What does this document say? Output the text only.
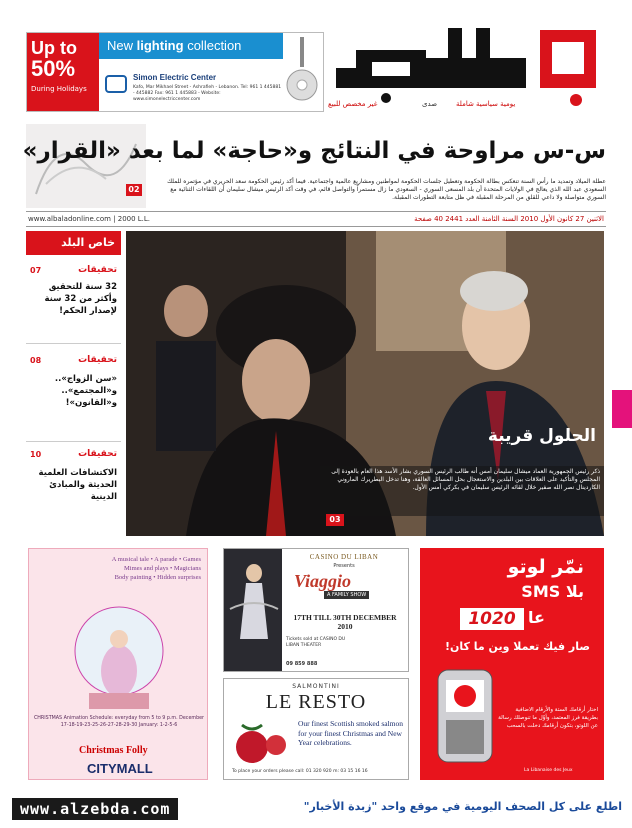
Up to
50%
During Holidays
New lighting collection
Simon Electric Center
Kafo, Mar Mikhael Street - Ashrafieh - Lebanon. Tel: 961 1 445881 - 445882 Fax: 961 1 445883 - Website: www.simonelectriccenter.com
يومية سياسية شاملة
صدى
غير مخصص للبيع
02
س-س مراوحة في النتائج و«حاجة» لما بعد «القرار»
عطلة الميلاد وتمديد ما رأس السنة تنعكس بطالة الحكومة وتعطيل جلسات الحكومة لمواطنين ومشاريع عالمية واجتماعية. فيما أكد رئيس الحكومة سعد الحريري في مؤتمره للملك السعودي عبد الله الذي يعالج في الولايات المتحدة أن بلد المسعى السوري - السعودي ما زال مستمراً والتواصل قائم، في وقت أكد الرئيس ميشال سليمان أن اللقاءات الثنائية مع السوري متواصلة ولا داعي للقلق من المرحلة المقبلة في ظل متابعة التطورات المقبلة.
www.albaladonline.com | 2000 L.L.	الاثنين 27 كانون الأول 2010 السنة الثامنة العدد 2441 40 صفحة
خاص البلد
تحقيقات
07
32 سنة للتحقيق وأكثر من 32 سنة لإصدار الحكم!
تحقيقات
08
«سن الزواج».. و«المجتمع».. و«القانون»!
تحقيقات
10
الاكتشافات العلمية الحديثة والمبادئ الدينية
الحلول قريبة
ذكر رئيس الجمهورية العماد ميشال سليمان أمس أنه طالب الرئيس السوري بشار الأسد هذا العام بالعودة إلى المجلس والتأكيد على العلاقات بين البلدين والاستعجال بحل المسائل العالقة، وهنا تدخل البطريرك الماروني الكاردينال نصر الله صفير خلال لقائه الرئيس سليمان في بكركي أمس الأول.
03
A musical tale • A parade • Games
Mimes and plays • Magicians
Body painting • Hidden surprises
CHRISTMAS Animation Schedule: everyday from 5 to 9 p.m. December 17-18-19-23-25-26-27-28-29-30 January: 1-2-5-6
Christmas Folly
CITYMALL
CASINO DU LIBAN
Presents
Viaggio
A FAMILY SHOW
17TH TILL 30TH DECEMBER 2010
Tickets sold at CASINO DU LIBAN THEATER
09 859 888
SALMONTINI
LE RESTO
Our finest Scottish smoked salmon for your finest Christmas and New Year celebrations.
To place your orders please call: 01 320 920 m: 03 15 16 16
نمّر لوتو
بلا SMS
1020 عا
صار فيك تعملا وين ما كان!
اختار أرقامك الستة والأرقام الاضافية بطريقة فرز المعتمد، وأوّل ما تنوصلك رسالة عن اللوتو، بتكون أرقامك دخلت بالسحب
La Libanaise des Jeux
www.alzebda.com	اطلع على كل الصحف اليومية في موقع واحد "زبدة الأخبار"
